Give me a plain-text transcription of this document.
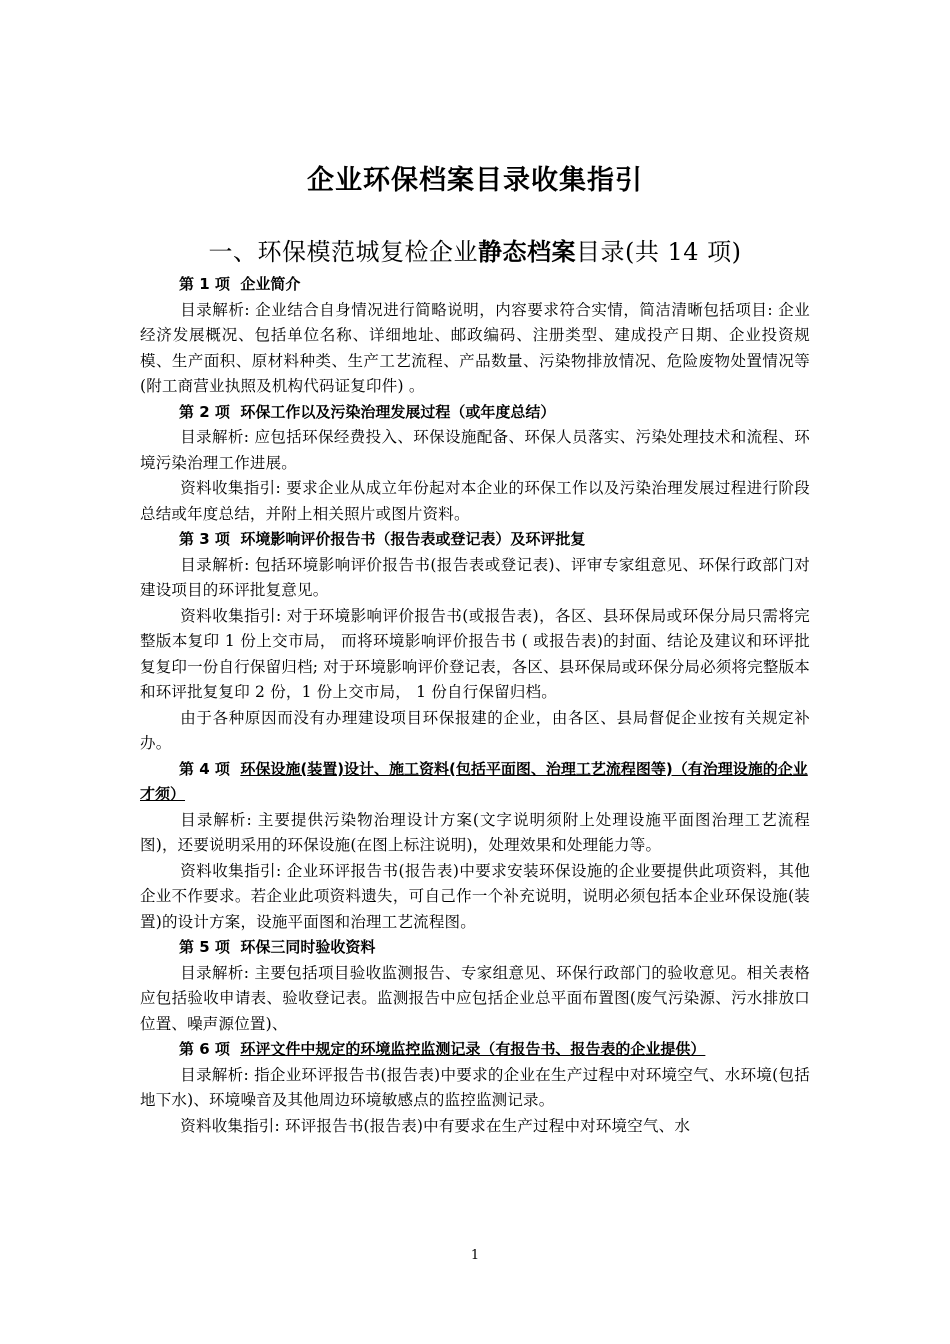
企业环保档案目录收集指引
一、环保模范城复检企业静态档案目录(共 14 项)

第 1 项 企业简介

目录解析: 企业结合自身情况进行简略说明，内容要求符合实情，简洁清晰包括项目: 企业经济发展概况、包括单位名称、详细地址、邮政编码、注册类型、建成投产日期、企业投资规模、生产面积、原材料种类、生产工艺流程、产品数量、污染物排放情况、危险废物处置情况等(附工商营业执照及机构代码证复印件) 。

第 2 项 环保工作以及污染治理发展过程（或年度总结）

目录解析: 应包括环保经费投入、环保设施配备、环保人员落实、污染处理技术和流程、环境污染治理工作进展。

资料收集指引: 要求企业从成立年份起对本企业的环保工作以及污染治理发展过程进行阶段总结或年度总结，并附上相关照片或图片资料。

第 3 项 环境影响评价报告书（报告表或登记表）及环评批复

目录解析: 包括环境影响评价报告书(报告表或登记表)、评审专家组意见、环保行政部门对建设项目的环评批复意见。

资料收集指引: 对于环境影响评价报告书(或报告表)，各区、县环保局或环保分局只需将完整版本复印 1 份上交市局， 而将环境影响评价报告书 ( 或报告表)的封面、结论及建议和环评批复复印一份自行保留归档; 对于环境影响评价登记表，各区、县环保局或环保分局必须将完整版本和环评批复复印 2 份，1 份上交市局， 1 份自行保留归档。

由于各种原因而没有办理建设项目环保报建的企业，由各区、县局督促企业按有关规定补办。

第 4 项 环保设施(装置)设计、施工资料(包括平面图、治理工艺流程图等)（有治理设施的企业才须）

目录解析: 主要提供污染物治理设计方案(文字说明须附上处理设施平面图治理工艺流程图)，还要说明采用的环保设施(在图上标注说明)，处理效果和处理能力等。

资料收集指引: 企业环评报告书(报告表)中要求安装环保设施的企业要提供此项资料，其他企业不作要求。若企业此项资料遗失，可自己作一个补充说明，说明必须包括本企业环保设施(装置)的设计方案，设施平面图和治理工艺流程图。

第 5 项 环保三同时验收资料

目录解析: 主要包括项目验收监测报告、专家组意见、环保行政部门的验收意见。相关表格应包括验收申请表、验收登记表。监测报告中应包括企业总平面布置图(废气污染源、污水排放口位置、噪声源位置)、

第 6 项 环评文件中规定的环境监控监测记录（有报告书、报告表的企业提供）

目录解析: 指企业环评报告书(报告表)中要求的企业在生产过程中对环境空气、水环境(包括地下水)、环境噪音及其他周边环境敏感点的监控监测记录。

资料收集指引: 环评报告书(报告表)中有要求在生产过程中对环境空气、水

1
